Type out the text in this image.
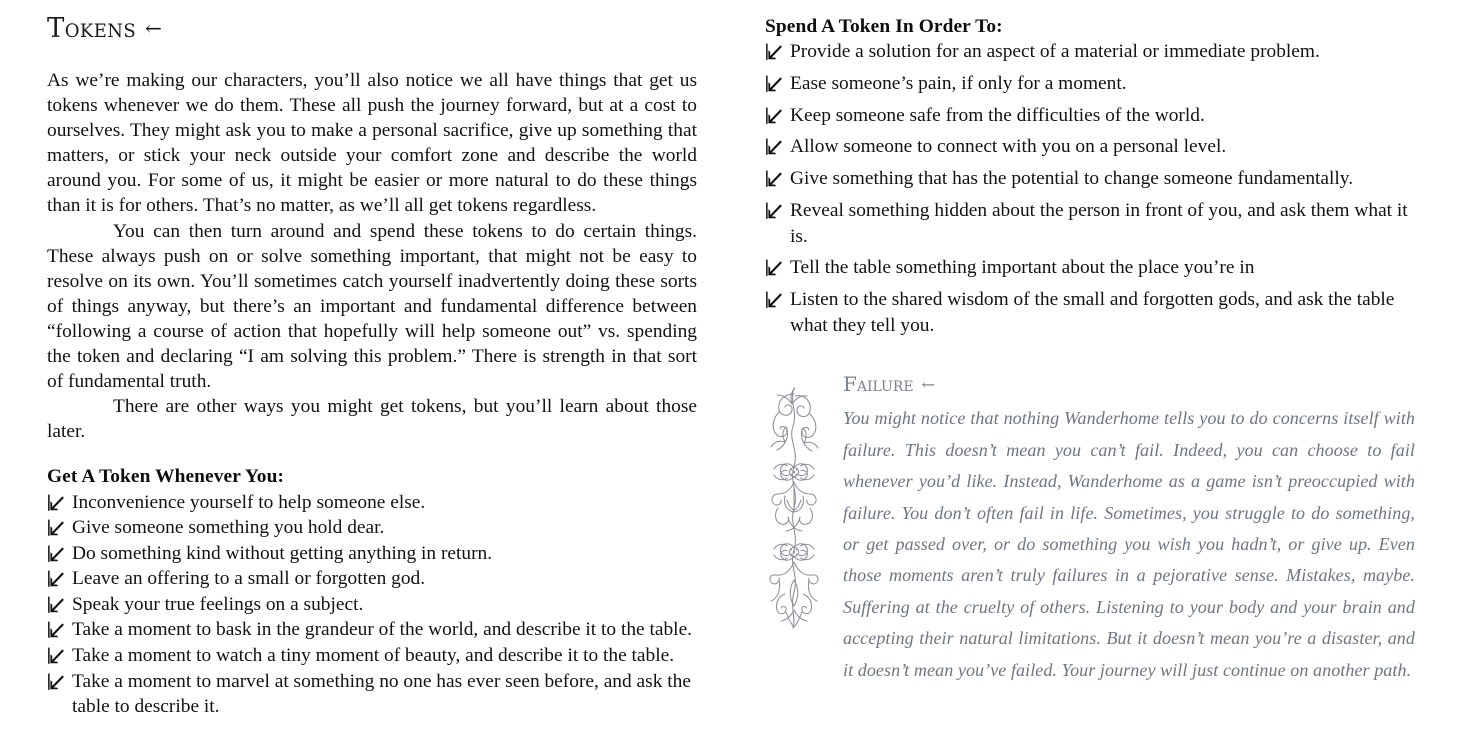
Tokens ←

As we’re making our characters, you’ll also notice we all have things that get us tokens whenever we do them. These all push the journey forward, but at a cost to ourselves. They might ask you to make a personal sacrifice, give up something that matters, or stick your neck outside your comfort zone and describe the world around you. For some of us, it might be easier or more natural to do these things than it is for others. That’s no matter, as we’ll all get tokens regardless.

You can then turn around and spend these tokens to do certain things. These always push on or solve something important, that might not be easy to resolve on its own. You’ll sometimes catch yourself inadvertently doing these sorts of things anyway, but there’s an important and fundamental difference between “following a course of action that hopefully will help someone out” vs. spending the token and declaring “I am solving this problem.” There is strength in that sort of fundamental truth.

There are other ways you might get tokens, but you’ll learn about those later.

Get A Token Whenever You:

Inconvenience yourself to help someone else.
Give someone something you hold dear.
Do something kind without getting anything in return.
Leave an offering to a small or forgotten god.
Speak your true feelings on a subject.
Take a moment to bask in the grandeur of the world, and describe it to the table.
Take a moment to watch a tiny moment of beauty, and describe it to the table.
Take a moment to marvel at something no one has ever seen before, and ask the table to describe it.

Spend A Token In Order To:

Provide a solution for an aspect of a material or immediate problem.
Ease someone’s pain, if only for a moment.
Keep someone safe from the difficulties of the world.
Allow someone to connect with you on a personal level.
Give something that has the potential to change someone fundamentally.
Reveal something hidden about the person in front of you, and ask them what it is.
Tell the table something important about the place you’re in
Listen to the shared wisdom of the small and forgotten gods, and ask the table what they tell you.
Failure ←

You might notice that nothing Wanderhome tells you to do concerns itself with failure. This doesn’t mean you can’t fail. Indeed, you can choose to fail whenever you’d like. Instead, Wanderhome as a game isn’t preoccupied with failure. You don’t often fail in life. Sometimes, you struggle to do something, or get passed over, or do something you wish you hadn’t, or give up. Even those moments aren’t truly failures in a pejorative sense. Mistakes, maybe. Suffering at the cruelty of others. Listening to your body and your brain and accepting their natural limitations. But it doesn’t mean you’re a disaster, and it doesn’t mean you’ve failed. Your journey will just continue on another path.
